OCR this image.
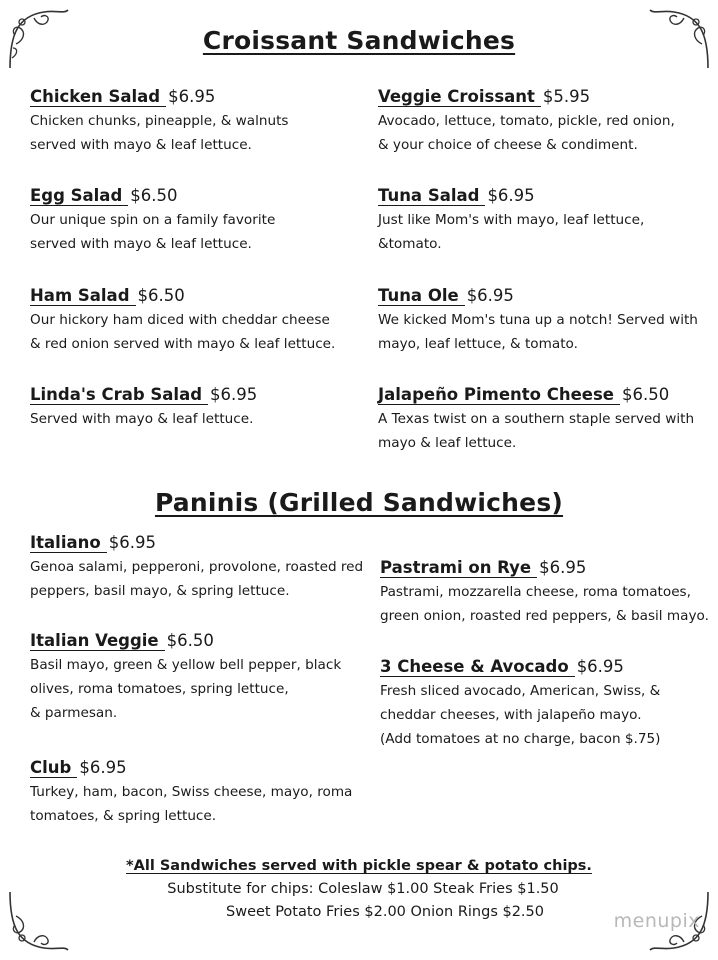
Croissant Sandwiches
Chicken Salad $6.95
Chicken chunks, pineapple, & walnuts
served with mayo & leaf lettuce.
Egg Salad $6.50
Our unique spin on a family favorite
served with mayo & leaf lettuce.
Ham Salad $6.50
Our hickory ham diced with cheddar cheese
& red onion served with mayo & leaf lettuce.
Linda's Crab Salad $6.95
Served with mayo & leaf lettuce.
Veggie Croissant $5.95
Avocado, lettuce, tomato, pickle, red onion,
& your choice of cheese & condiment.
Tuna Salad $6.95
Just like Mom's with mayo, leaf lettuce,
&tomato.
Tuna Ole $6.95
We kicked Mom's tuna up a notch! Served with
mayo, leaf lettuce, & tomato.
Jalapeño Pimento Cheese $6.50
A Texas twist on a southern staple served with
mayo & leaf lettuce.
Paninis (Grilled Sandwiches)
Italiano $6.95
Genoa salami, pepperoni, provolone, roasted red
peppers, basil mayo, & spring lettuce.
Italian Veggie $6.50
Basil mayo, green & yellow bell pepper, black
olives, roma tomatoes, spring lettuce,
& parmesan.
Club $6.95
Turkey, ham, bacon, Swiss cheese, mayo, roma
tomatoes, & spring lettuce.
Pastrami on Rye $6.95
Pastrami, mozzarella cheese, roma tomatoes,
green onion, roasted red peppers, & basil mayo.
3 Cheese & Avocado $6.95
Fresh sliced avocado, American, Swiss, &
cheddar cheeses, with jalapeño mayo.
(Add tomatoes at no charge, bacon $.75)
*All Sandwiches served with pickle spear & potato chips.
Substitute for chips: Coleslaw $1.00 Steak Fries $1.50
Sweet Potato Fries $2.00 Onion Rings $2.50	menupix
